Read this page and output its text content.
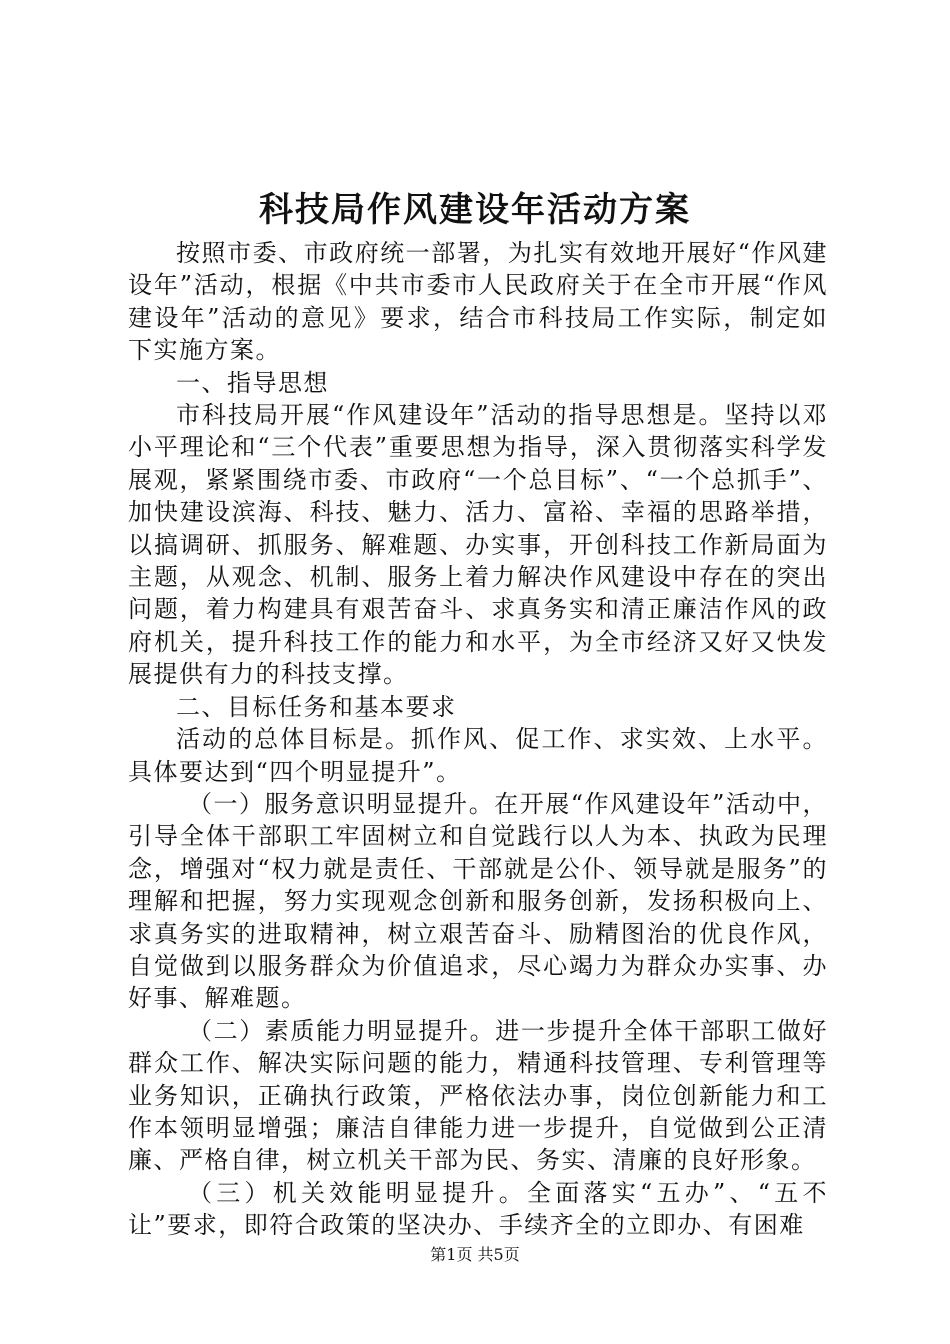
科技局作风建设年活动方案

按照市委、市政府统一部署，为扎实有效地开展好“作风建设年”活动，根据《中共市委市人民政府关于在全市开展“作风建设年”活动的意见》要求，结合市科技局工作实际，制定如下实施方案。

一、指导思想

市科技局开展“作风建设年”活动的指导思想是。坚持以邓小平理论和“三个代表”重要思想为指导，深入贯彻落实科学发展观，紧紧围绕市委、市政府“一个总目标”、“一个总抓手”、加快建设滨海、科技、魅力、活力、富裕、幸福的思路举措，以搞调研、抓服务、解难题、办实事，开创科技工作新局面为主题，从观念、机制、服务上着力解决作风建设中存在的突出问题，着力构建具有艰苦奋斗、求真务实和清正廉洁作风的政府机关，提升科技工作的能力和水平，为全市经济又好又快发展提供有力的科技支撑。

二、目标任务和基本要求

活动的总体目标是。抓作风、促工作、求实效、上水平。具体要达到“四个明显提升”。

（一）服务意识明显提升。在开展“作风建设年”活动中，引导全体干部职工牢固树立和自觉践行以人为本、执政为民理念，增强对“权力就是责任、干部就是公仆、领导就是服务”的理解和把握，努力实现观念创新和服务创新，发扬积极向上、求真务实的进取精神，树立艰苦奋斗、励精图治的优良作风，自觉做到以服务群众为价值追求，尽心竭力为群众办实事、办好事、解难题。

（二）素质能力明显提升。进一步提升全体干部职工做好群众工作、解决实际问题的能力，精通科技管理、专利管理等业务知识，正确执行政策，严格依法办事，岗位创新能力和工作本领明显增强；廉洁自律能力进一步提升，自觉做到公正清廉、严格自律，树立机关干部为民、务实、清廉的良好形象。

（三）机关效能明显提升。全面落实“五办”、“五不让”要求，即符合政策的坚决办、手续齐全的立即办、有困难

第1页 共5页
